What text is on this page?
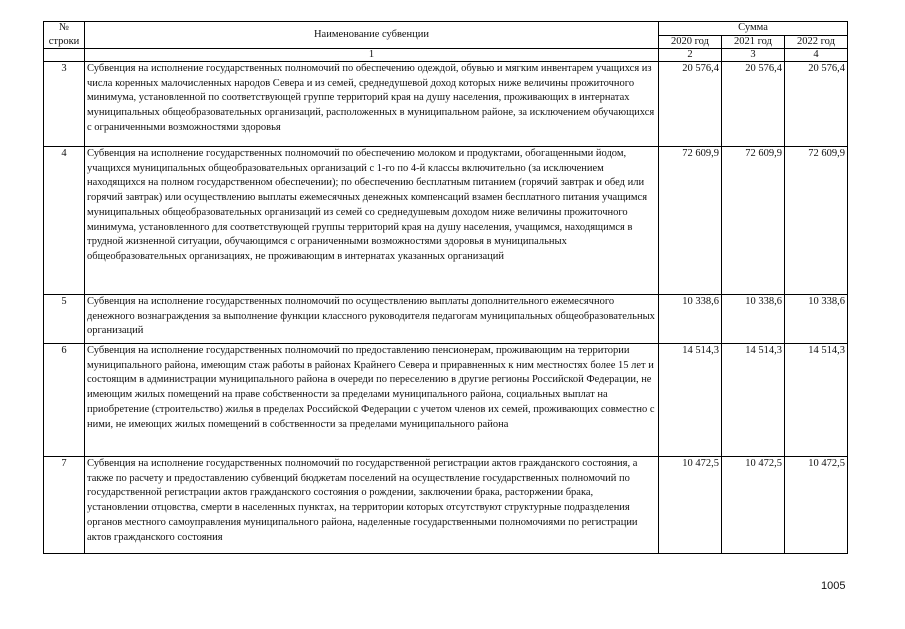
№	Наименование субвенции	Сумма		
строки		2020 год	2021 год	2022 год
	1	2	3	4
3	Субвенция на исполнение государственных полномочий по обеспечению одеждой, обувью и мягким инвентарем учащихся из числа коренных малочисленных народов Севера и из семей, среднедушевой доход которых ниже величины прожиточного минимума, установленной по соответствующей группе территорий края на душу населения, проживающих в интернатах муниципальных общеобразовательных организаций, расположенных в муниципальном районе, за исключением обучающихся с ограниченными возможностями здоровья	20 576,4	20 576,4	20 576,4
4	Субвенция на исполнение государственных полномочий по обеспечению молоком и продуктами, обогащенными йодом, учащихся муниципальных общеобразовательных организаций с 1-го по 4-й классы включительно (за исключением находящихся на полном государственном обеспечении); по обеспечению бесплатным питанием (горячий завтрак и обед или горячий завтрак) или осуществлению выплаты ежемесячных денежных компенсаций взамен бесплатного питания учащимся муниципальных общеобразовательных организаций из семей со среднедушевым доходом ниже величины прожиточного минимума, установленного для соответствующей группы территорий края на душу населения, учащимся, находящимся в трудной жизненной ситуации, обучающимся с ограниченными возможностями здоровья в муниципальных общеобразовательных организациях, не проживающим в интернатах указанных организаций	72 609,9	72 609,9	72 609,9
5	Субвенция на исполнение государственных полномочий по осуществлению выплаты дополнительного ежемесячного денежного вознаграждения за выполнение функции классного руководителя педагогам муниципальных общеобразовательных организаций	10 338,6	10 338,6	10 338,6
6	Субвенция на исполнение государственных полномочий по предоставлению пенсионерам, проживающим на территории муниципального района, имеющим стаж работы в районах Крайнего Севера и приравненных к ним местностях более 15 лет и состоящим в администрации муниципального района в очереди по переселению в другие регионы Российской Федерации, не имеющим жилых помещений на праве собственности за пределами муниципального района, социальных выплат на приобретение (строительство) жилья в пределах Российской Федерации с учетом членов их семей, проживающих совместно с ними, не имеющих жилых помещений в собственности за пределами муниципального района	14 514,3	14 514,3	14 514,3
7	Субвенция на исполнение государственных полномочий по государственной регистрации актов гражданского состояния, а также по расчету и предоставлению субвенций бюджетам поселений на осуществление государственных полномочий по государственной регистрации актов гражданского состояния о рождении, заключении брака, расторжении брака, установлении отцовства, смерти в населенных пунктах, на территории которых отсутствуют структурные подразделения органов местного самоуправления муниципального района, наделенные государственными полномочиями по регистрации актов гражданского состояния	10 472,5	10 472,5	10 472,5
1005
